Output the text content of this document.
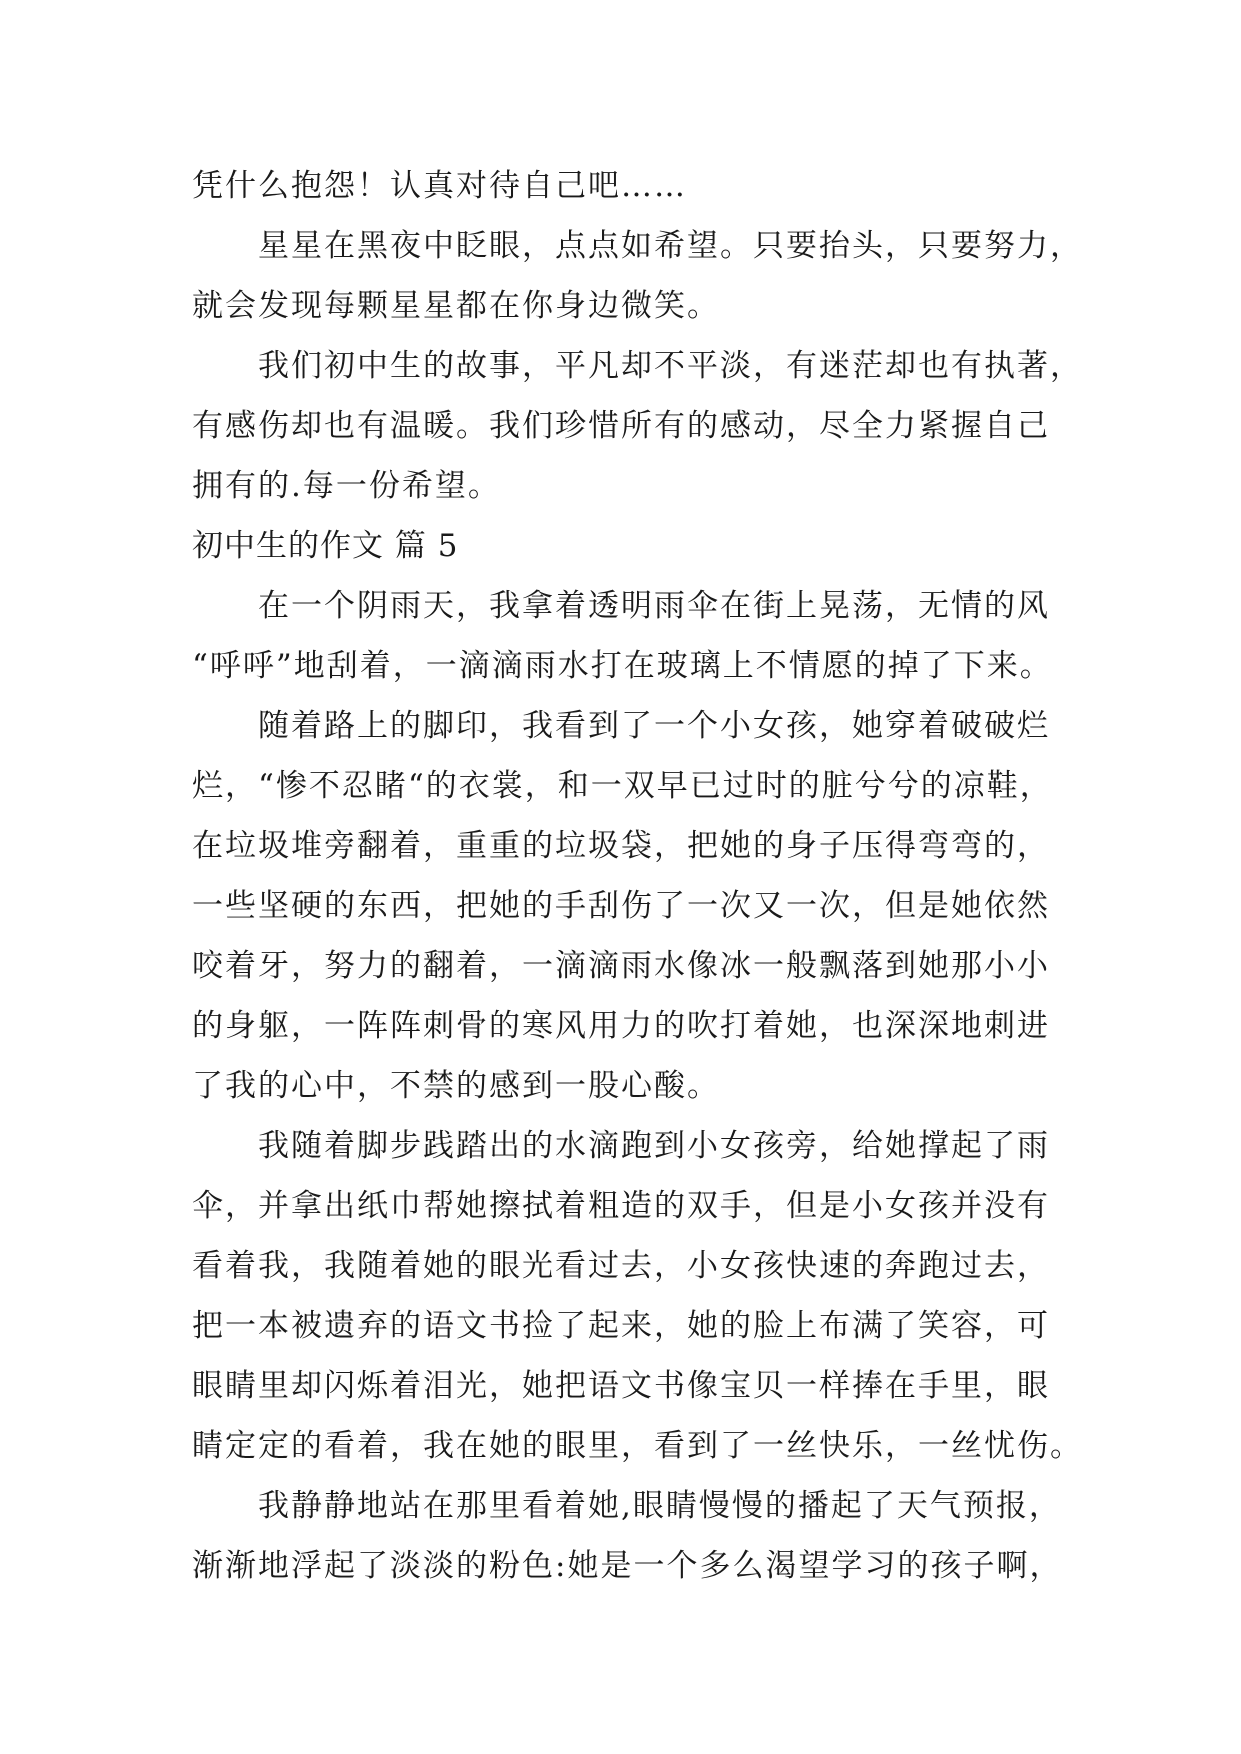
凭什么抱怨！认真对待自己吧……
星星在黑夜中眨眼，点点如希望。只要抬头，只要努力，
就会发现每颗星星都在你身边微笑。
我们初中生的故事，平凡却不平淡，有迷茫却也有执著，
有感伤却也有温暖。我们珍惜所有的感动，尽全力紧握自己
拥有的.每一份希望。
初中生的作文 篇 5
在一个阴雨天，我拿着透明雨伞在街上晃荡，无情的风
“呼呼”地刮着，一滴滴雨水打在玻璃上不情愿的掉了下来。
随着路上的脚印，我看到了一个小女孩，她穿着破破烂
烂，“惨不忍睹“的衣裳，和一双早已过时的脏兮兮的凉鞋，
在垃圾堆旁翻着，重重的垃圾袋，把她的身子压得弯弯的，
一些坚硬的东西，把她的手刮伤了一次又一次，但是她依然
咬着牙，努力的翻着，一滴滴雨水像冰一般飘落到她那小小
的身躯，一阵阵刺骨的寒风用力的吹打着她，也深深地刺进
了我的心中，不禁的感到一股心酸。
我随着脚步践踏出的水滴跑到小女孩旁，给她撑起了雨
伞，并拿出纸巾帮她擦拭着粗造的双手，但是小女孩并没有
看着我，我随着她的眼光看过去，小女孩快速的奔跑过去，
把一本被遗弃的语文书捡了起来，她的脸上布满了笑容，可
眼睛里却闪烁着泪光，她把语文书像宝贝一样捧在手里，眼
睛定定的看着，我在她的眼里，看到了一丝快乐，一丝忧伤。
我静静地站在那里看着她,眼睛慢慢的播起了天气预报，
渐渐地浮起了淡淡的粉色:她是一个多么渴望学习的孩子啊，
